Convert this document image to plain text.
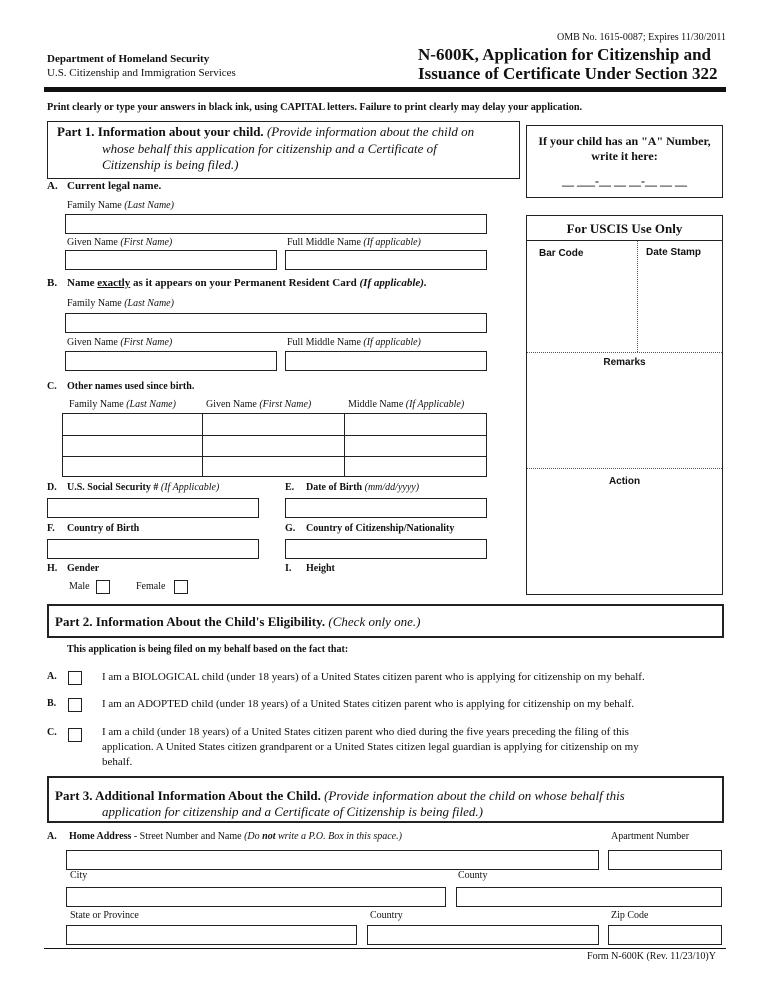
OMB No. 1615-0087; Expires 11/30/2011
Department of Homeland Security
U.S. Citizenship and Immigration Services
N-600K, Application for Citizenship and
Issuance of Certificate Under Section 322
Print clearly or type your answers in black ink, using CAPITAL letters. Failure to print clearly may delay your application.
Part 1. Information about your child. (Provide information about the child on
whose behalf this application for citizenship and a Certificate of
Citizenship is being filed.)
A. Current legal name.
Family Name (Last Name)
Given Name (First Name)	Full Middle Name (If applicable)
B. Name exactly as it appears on your Permanent Resident Card (If applicable).
Family Name (Last Name)
Given Name (First Name)	Full Middle Name (If applicable)
C. Other names used since birth.
Family Name (Last Name)	Given Name (First Name)	Middle Name (If Applicable)
D. U.S. Social Security # (If Applicable)	E. Date of Birth (mm/dd/yyyy)
F. Country of Birth	G. Country of Citizenship/Nationality
H. Gender	I. Height
Male	Female
If your child has an "A" Number,
write it here:
__ ___-__ __ __-__ __ __
For USCIS Use Only
Bar Code	Date Stamp
Remarks
Action
Part 2. Information About the Child's Eligibility. (Check only one.)
This application is being filed on my behalf based on the fact that:
A.	I am a BIOLOGICAL child (under 18 years) of a United States citizen parent who is applying for citizenship on my behalf.
B.	I am an ADOPTED child (under 18 years) of a United States citizen parent who is applying for citizenship on my behalf.
C.	I am a child (under 18 years) of a United States citizen parent who died during the five years preceding the filing of this
application. A United States citizen grandparent or a United States citizen legal guardian is applying for citizenship on my
behalf.
Part 3. Additional Information About the Child. (Provide information about the child on whose behalf this
application for citizenship and a Certificate of Citizenship is being filed.)
A. Home Address - Street Number and Name (Do not write a P.O. Box in this space.)	Apartment Number
City	County
State or Province	Country	Zip Code
Form N-600K (Rev. 11/23/10)Y
